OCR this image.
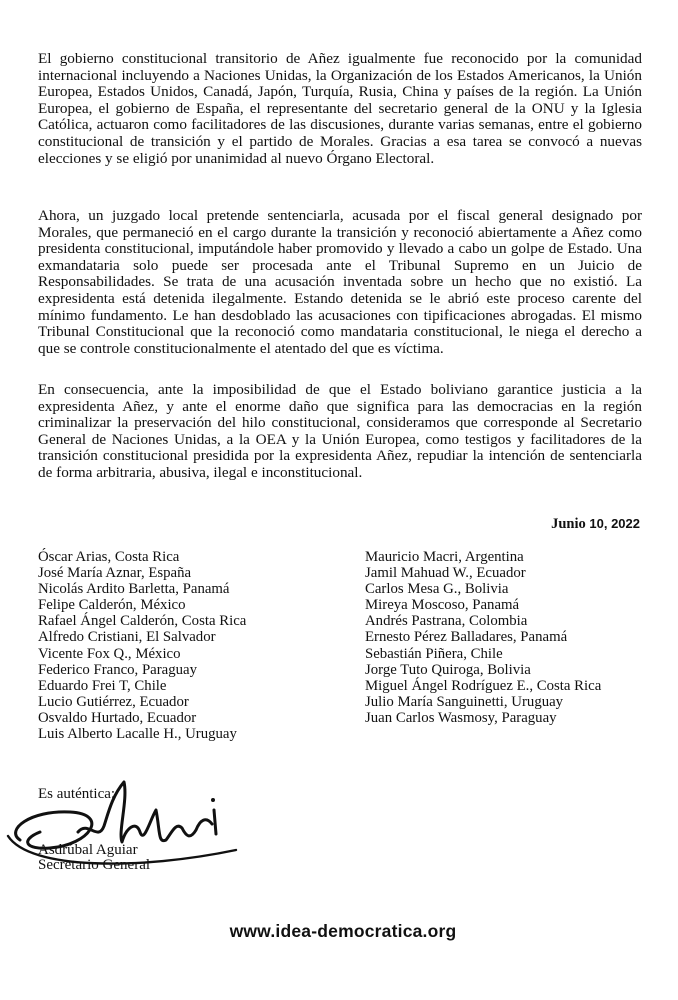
El gobierno constitucional transitorio de Añez igualmente fue reconocido por la comunidad internacional incluyendo a Naciones Unidas, la Organización de los Estados Americanos, la Unión Europea, Estados Unidos, Canadá, Japón, Turquía, Rusia, China y países de la región. La Unión Europea, el gobierno de España, el representante del secretario general de la ONU y la Iglesia Católica, actuaron como facilitadores de las discusiones, durante varias semanas, entre el gobierno constitucional de transición y el partido de Morales. Gracias a esa tarea se convocó a nuevas elecciones y se eligió por unanimidad al nuevo Órgano Electoral.

Ahora, un juzgado local pretende sentenciarla, acusada por el fiscal general designado por Morales, que permaneció en el cargo durante la transición y reconoció abiertamente a Añez como presidenta constitucional, imputándole haber promovido y llevado a cabo un golpe de Estado. Una exmandataria solo puede ser procesada ante el Tribunal Supremo en un Juicio de Responsabilidades. Se trata de una acusación inventada sobre un hecho que no existió. La expresidenta está detenida ilegalmente. Estando detenida se le abrió este proceso carente del mínimo fundamento. Le han desdoblado las acusaciones con tipificaciones abrogadas. El mismo Tribunal Constitucional que la reconoció como mandataria constitucional, le niega el derecho a que se controle constitucionalmente el atentado del que es víctima.

En consecuencia, ante la imposibilidad de que el Estado boliviano garantice justicia a la expresidenta Añez, y ante el enorme daño que significa para las democracias en la región criminalizar la preservación del hilo constitucional, consideramos que corresponde al Secretario General de Naciones Unidas, a la OEA y la Unión Europea, como testigos y facilitadores de la transición constitucional presidida por la expresidenta Añez, repudiar la intención de sentenciarla de forma arbitraria, abusiva, ilegal e inconstitucional.

Junio 10, 2022
Óscar Arias, Costa Rica
José María Aznar, España
Nicolás Ardito Barletta, Panamá
Felipe Calderón, México
Rafael Ángel Calderón, Costa Rica
Alfredo Cristiani, El Salvador
Vicente Fox Q., México
Federico Franco, Paraguay
Eduardo Frei T, Chile
Lucio Gutiérrez, Ecuador
Osvaldo Hurtado, Ecuador
Luis Alberto Lacalle H., Uruguay
Mauricio Macri, Argentina
Jamil Mahuad W., Ecuador
Carlos Mesa G., Bolivia
Mireya Moscoso, Panamá
Andrés Pastrana, Colombia
Ernesto Pérez Balladares, Panamá
Sebastián Piñera, Chile
Jorge Tuto Quiroga, Bolivia
Miguel Ángel Rodríguez E., Costa Rica
Julio María Sanguinetti, Uruguay
Juan Carlos Wasmosy, Paraguay
Es auténtica:
Asdrúbal Aguiar
Secretario General
www.idea-democratica.org
